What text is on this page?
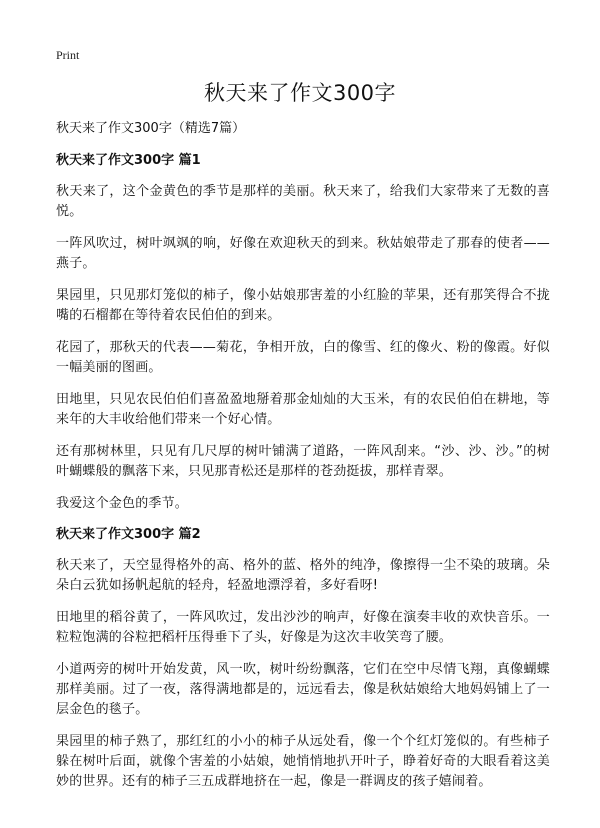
Print
秋天来了作文300字

秋天来了作文300字（精选7篇）

秋天来了作文300字 篇1

秋天来了，这个金黄色的季节是那样的美丽。秋天来了，给我们大家带来了无数的喜悦。

一阵风吹过，树叶飒飒的响，好像在欢迎秋天的到来。秋姑娘带走了那春的使者——燕子。

果园里，只见那灯笼似的柿子，像小姑娘那害羞的小红脸的苹果，还有那笑得合不拢嘴的石榴都在等待着农民伯伯的到来。

花园了，那秋天的代表——菊花，争相开放，白的像雪、红的像火、粉的像霞。好似一幅美丽的图画。

田地里，只见农民伯伯们喜盈盈地掰着那金灿灿的大玉米，有的农民伯伯在耕地，等来年的大丰收给他们带来一个好心情。

还有那树林里，只见有几尺厚的树叶铺满了道路，一阵风刮来。“沙、沙、沙。”的树叶蝴蝶般的飘落下来，只见那青松还是那样的苍劲挺拔，那样青翠。

我爱这个金色的季节。

秋天来了作文300字 篇2

秋天来了，天空显得格外的高、格外的蓝、格外的纯净，像擦得一尘不染的玻璃。朵朵白云犹如扬帆起航的轻舟，轻盈地漂浮着，多好看呀!

田地里的稻谷黄了，一阵风吹过，发出沙沙的响声，好像在演奏丰收的欢快音乐。一粒粒饱满的谷粒把稻杆压得垂下了头，好像是为这次丰收笑弯了腰。

小道两旁的树叶开始发黄，风一吹，树叶纷纷飘落，它们在空中尽情飞翔，真像蝴蝶那样美丽。过了一夜，落得满地都是的，远远看去，像是秋姑娘给大地妈妈铺上了一层金色的毯子。

果园里的柿子熟了，那红红的小小的柿子从远处看，像一个个红灯笼似的。有些柿子躲在树叶后面，就像个害羞的小姑娘，她悄悄地扒开叶子，睁着好奇的大眼看着这美妙的世界。还有的柿子三五成群地挤在一起，像是一群调皮的孩子嬉闹着。
